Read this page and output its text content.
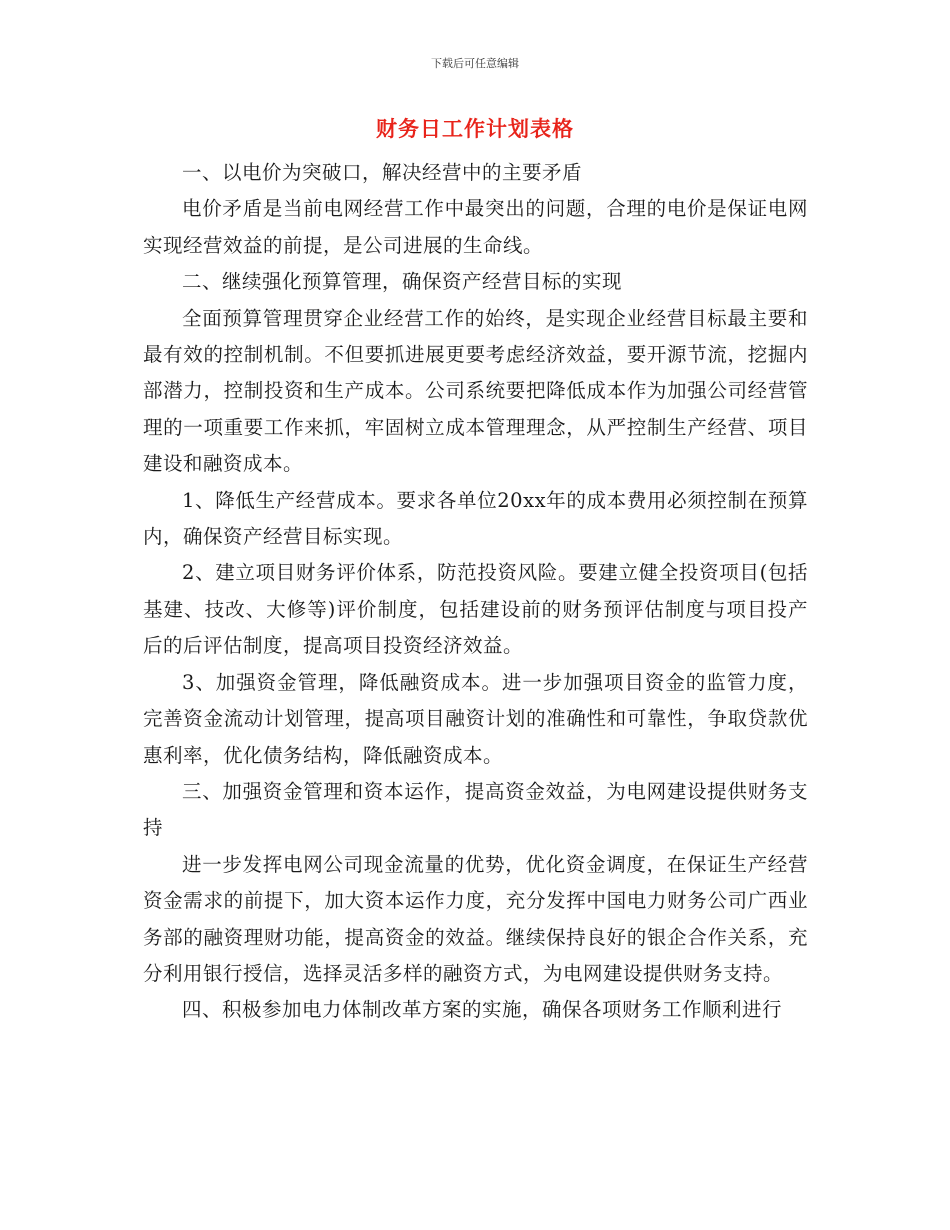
下载后可任意编辑
财务日工作计划表格

一、以电价为突破口，解决经营中的主要矛盾

电价矛盾是当前电网经营工作中最突出的问题，合理的电价是保证电网实现经营效益的前提，是公司进展的生命线。

二、继续强化预算管理，确保资产经营目标的实现

全面预算管理贯穿企业经营工作的始终，是实现企业经营目标最主要和最有效的控制机制。不但要抓进展更要考虑经济效益，要开源节流，挖掘内部潜力，控制投资和生产成本。公司系统要把降低成本作为加强公司经营管理的一项重要工作来抓，牢固树立成本管理理念，从严控制生产经营、项目建设和融资成本。

1、降低生产经营成本。要求各单位20xx年的成本费用必须控制在预算内，确保资产经营目标实现。

2、建立项目财务评价体系，防范投资风险。要建立健全投资项目(包括基建、技改、大修等)评价制度，包括建设前的财务预评估制度与项目投产后的后评估制度，提高项目投资经济效益。

3、加强资金管理，降低融资成本。进一步加强项目资金的监管力度，完善资金流动计划管理，提高项目融资计划的准确性和可靠性，争取贷款优惠利率，优化债务结构，降低融资成本。

三、加强资金管理和资本运作，提高资金效益，为电网建设提供财务支持

进一步发挥电网公司现金流量的优势，优化资金调度，在保证生产经营资金需求的前提下，加大资本运作力度，充分发挥中国电力财务公司广西业务部的融资理财功能，提高资金的效益。继续保持良好的银企合作关系，充分利用银行授信，选择灵活多样的融资方式，为电网建设提供财务支持。

四、积极参加电力体制改革方案的实施，确保各项财务工作顺利进行
